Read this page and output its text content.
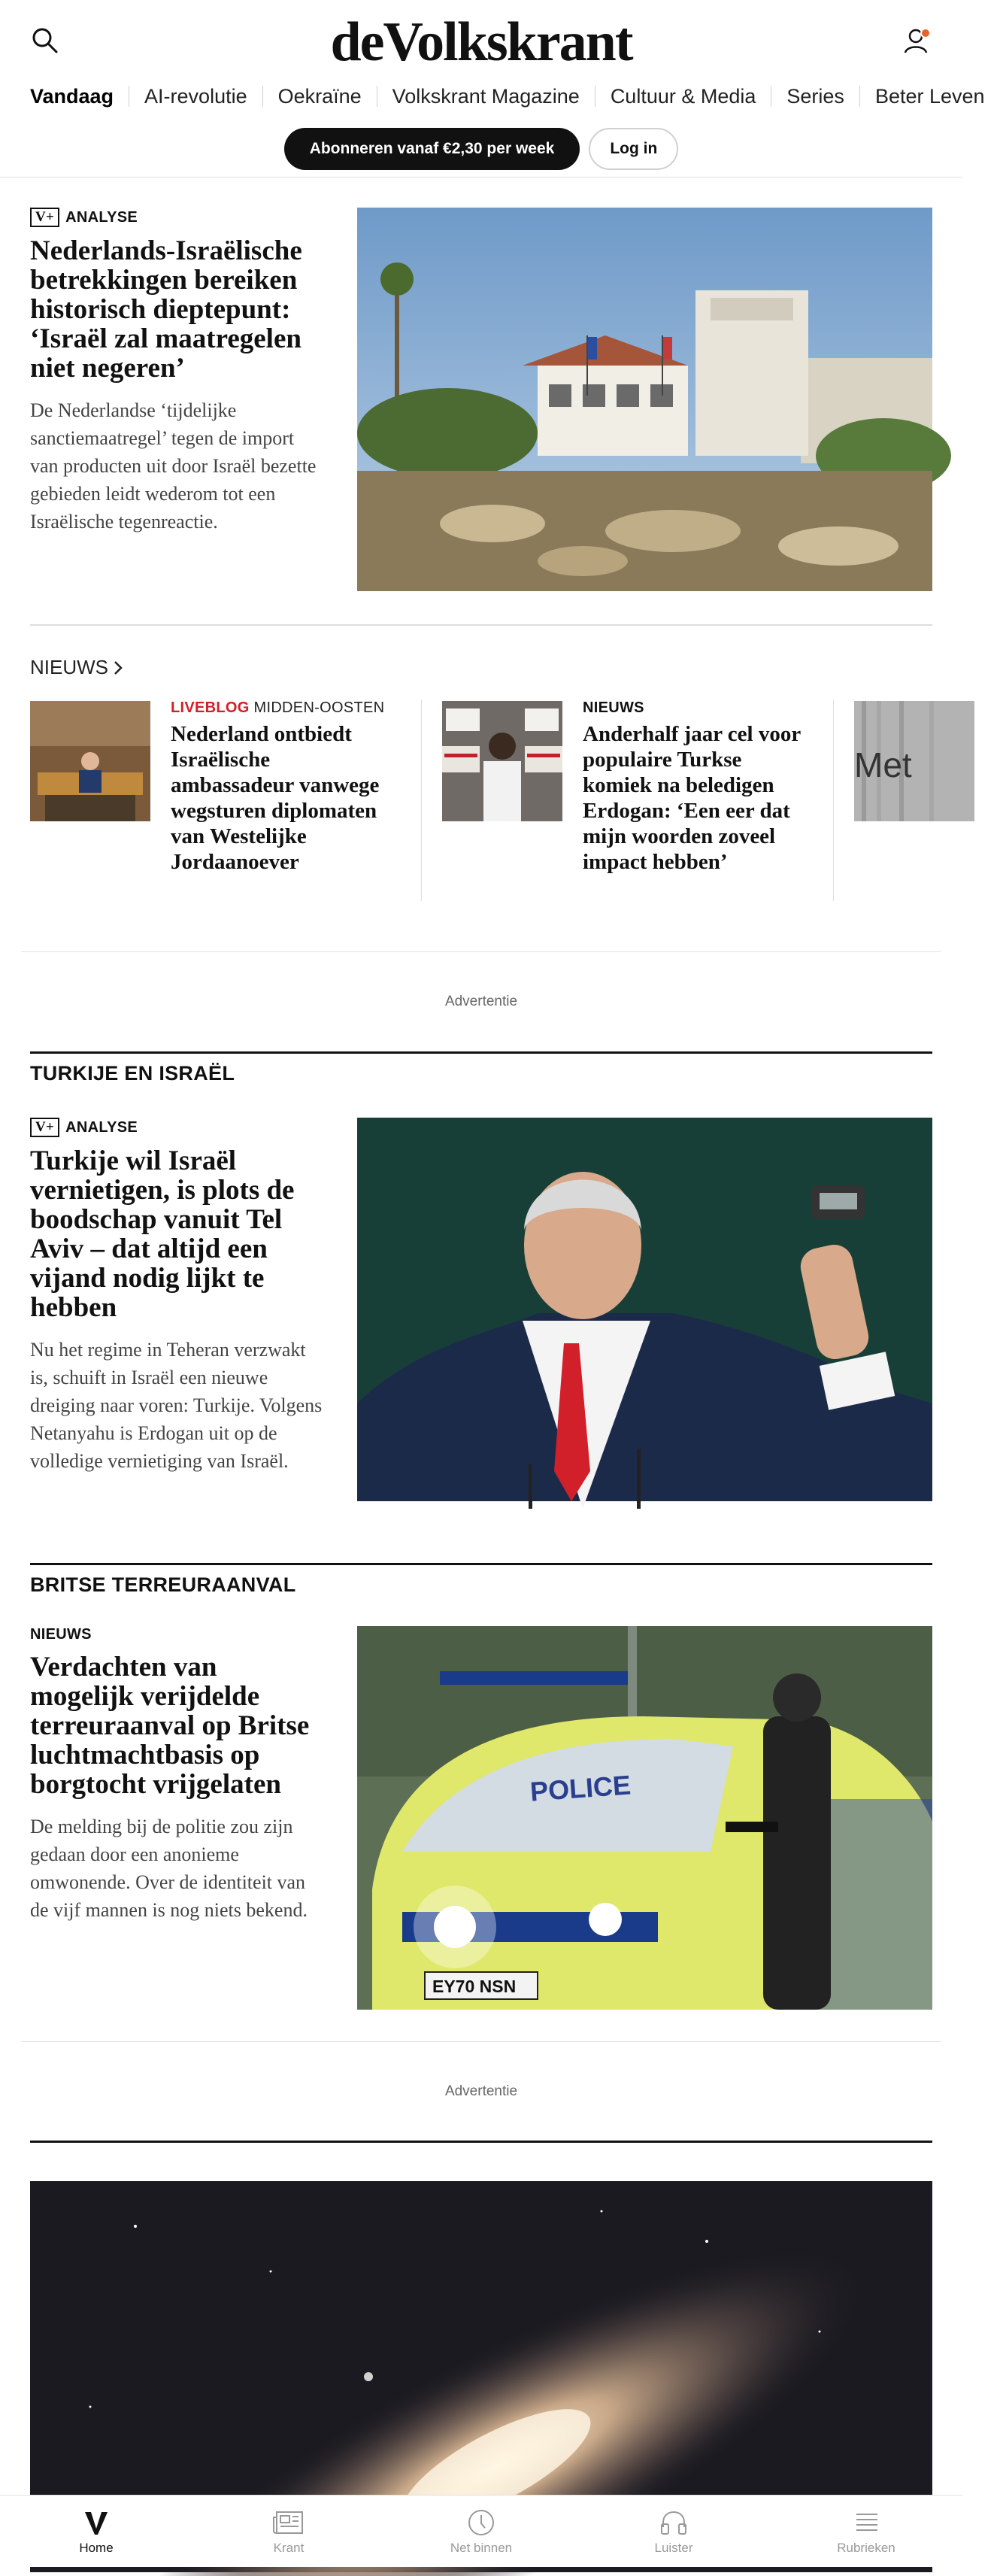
deVolkskrant
Vandaag	AI-revolutie	Oekraïne	Volkskrant Magazine	Cultuur & Media	Series	Beter Leven
Abonneren vanaf €2,30 per week	Log in
V+ ANALYSE
Nederlands-Israëlische betrekkingen bereiken historisch dieptepunt: ‘Israël zal maatregelen niet negeren’
De Nederlandse ‘tijdelijke sanctiemaatregel’ tegen de import van producten uit door Israël bezette gebieden leidt wederom tot een Israëlische tegenreactie.
NIEUWS
LIVEBLOG MIDDEN-OOSTEN
Nederland ontbiedt Israëlische ambassadeur vanwege wegsturen diplomaten van Westelijke Jordaanoever
NIEUWS
Anderhalf jaar cel voor populaire Turkse komiek na beledigen Erdogan: ‘Een eer dat mijn woorden zoveel impact hebben’
Met
Advertentie
TURKIJE EN ISRAËL
V+ ANALYSE
Turkije wil Israël vernietigen, is plots de boodschap vanuit Tel Aviv – dat altijd een vijand nodig lijkt te hebben
Nu het regime in Teheran verzwakt is, schuift in Israël een nieuwe dreiging naar voren: Turkije. Volgens Netanyahu is Erdogan uit op de volledige vernietiging van Israël.
BRITSE TERREURAANVAL
NIEUWS
Verdachten van mogelijk verijdelde terreuraanval op Britse luchtmachtbasis op borgtocht vrijgelaten
De melding bij de politie zou zijn gedaan door een anonieme omwonende. Over de identiteit van de vijf mannen is nog niets bekend.
POLICE
EY70 NSN
Advertentie
Home	Krant	Net binnen	Luister	Rubrieken
